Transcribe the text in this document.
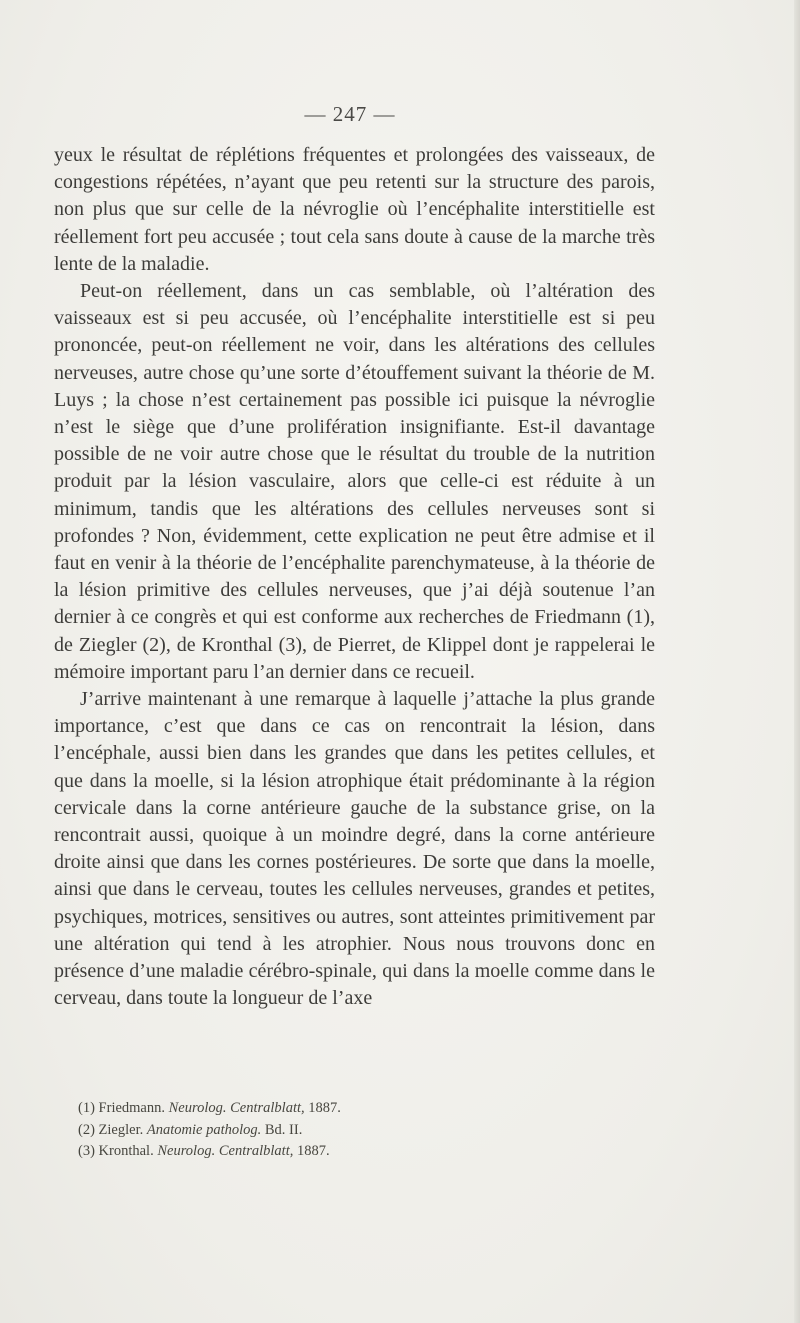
— 247 —

yeux le résultat de réplétions fréquentes et prolongées des vaisseaux, de congestions répétées, n’ayant que peu retenti sur la structure des parois, non plus que sur celle de la névroglie où l’encéphalite interstitielle est réellement fort peu accusée ; tout cela sans doute à cause de la marche très lente de la maladie.

Peut-on réellement, dans un cas semblable, où l’altération des vaisseaux est si peu accusée, où l’encéphalite interstitielle est si peu prononcée, peut-on réellement ne voir, dans les altérations des cellules nerveuses, autre chose qu’une sorte d’étouffement suivant la théorie de M. Luys ; la chose n’est certainement pas possible ici puisque la névroglie n’est le siège que d’une prolifération insignifiante. Est-il davantage possible de ne voir autre chose que le résultat du trouble de la nutrition produit par la lésion vasculaire, alors que celle-ci est réduite à un minimum, tandis que les altérations des cellules nerveuses sont si profondes ? Non, évidemment, cette explication ne peut être admise et il faut en venir à la théorie de l’encéphalite parenchymateuse, à la théorie de la lésion primitive des cellules nerveuses, que j’ai déjà soutenue l’an dernier à ce congrès et qui est conforme aux recherches de Friedmann (1), de Ziegler (2), de Kronthal (3), de Pierret, de Klippel dont je rappelerai le mémoire important paru l’an dernier dans ce recueil.

J’arrive maintenant à une remarque à laquelle j’attache la plus grande importance, c’est que dans ce cas on rencontrait la lésion, dans l’encéphale, aussi bien dans les grandes que dans les petites cellules, et que dans la moelle, si la lésion atrophique était prédominante à la région cervicale dans la corne antérieure gauche de la substance grise, on la rencontrait aussi, quoique à un moindre degré, dans la corne antérieure droite ainsi que dans les cornes postérieures. De sorte que dans la moelle, ainsi que dans le cerveau, toutes les cellules nerveuses, grandes et petites, psychiques, motrices, sensitives ou autres, sont atteintes primitivement par une altération qui tend à les atrophier. Nous nous trouvons donc en présence d’une maladie cérébro-spinale, qui dans la moelle comme dans le cerveau, dans toute la longueur de l’axe

(1) Friedmann. Neurolog. Centralblatt, 1887.
(2) Ziegler. Anatomie patholog. Bd. II.
(3) Kronthal. Neurolog. Centralblatt, 1887.
